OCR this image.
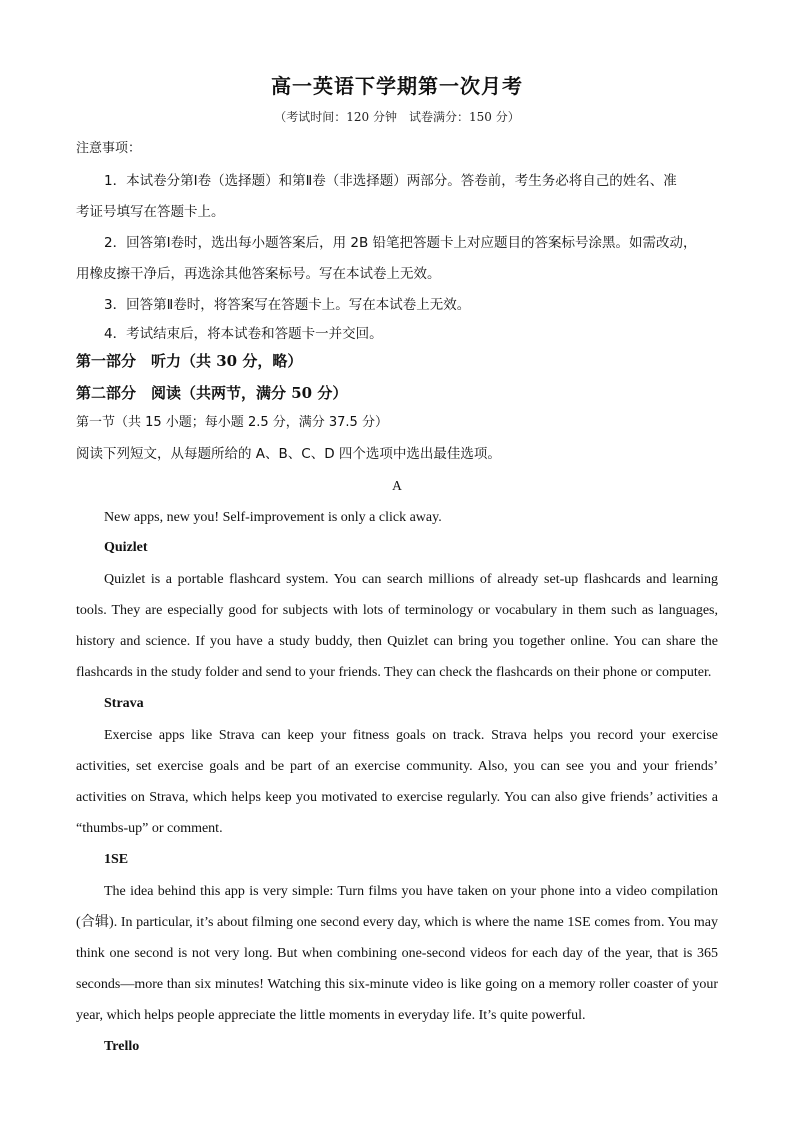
高一英语下学期第一次月考
（考试时间：120 分钟　试卷满分：150 分）
注意事项：
1．本试卷分第Ⅰ卷（选择题）和第Ⅱ卷（非选择题）两部分。答卷前，考生务必将自己的姓名、准
考证号填写在答题卡上。
2．回答第Ⅰ卷时，选出每小题答案后，用 2B 铅笔把答题卡上对应题目的答案标号涂黑。如需改动，
用橡皮擦干净后，再选涂其他答案标号。写在本试卷上无效。
3．回答第Ⅱ卷时，将答案写在答题卡上。写在本试卷上无效。
4．考试结束后，将本试卷和答题卡一并交回。
第一部分　听力（共 30 分，略）
第二部分　阅读（共两节，满分 50 分）
第一节（共 15 小题；每小题 2.5 分，满分 37.5 分）
阅读下列短文，从每题所给的 A、B、C、D 四个选项中选出最佳选项。
A
New apps, new you! Self-improvement is only a click away.
Quizlet
Quizlet is a portable flashcard system. You can search millions of already set-up flashcards and learning tools. They are especially good for subjects with lots of terminology or vocabulary in them such as languages, history and science. If you have a study buddy, then Quizlet can bring you together online. You can share the flashcards in the study folder and send to your friends. They can check the flashcards on their phone or computer.
Strava
Exercise apps like Strava can keep your fitness goals on track. Strava helps you record your exercise activities, set exercise goals and be part of an exercise community. Also, you can see you and your friends’ activities on Strava, which helps keep you motivated to exercise regularly. You can also give friends’ activities a “thumbs-up” or comment.
1SE
The idea behind this app is very simple: Turn films you have taken on your phone into a video compilation (合辑). In particular, it’s about filming one second every day, which is where the name 1SE comes from. You may think one second is not very long. But when combining one-second videos for each day of the year, that is 365 seconds—more than six minutes! Watching this six-minute video is like going on a memory roller coaster of your year, which helps people appreciate the little moments in everyday life. It’s quite powerful.
Trello
